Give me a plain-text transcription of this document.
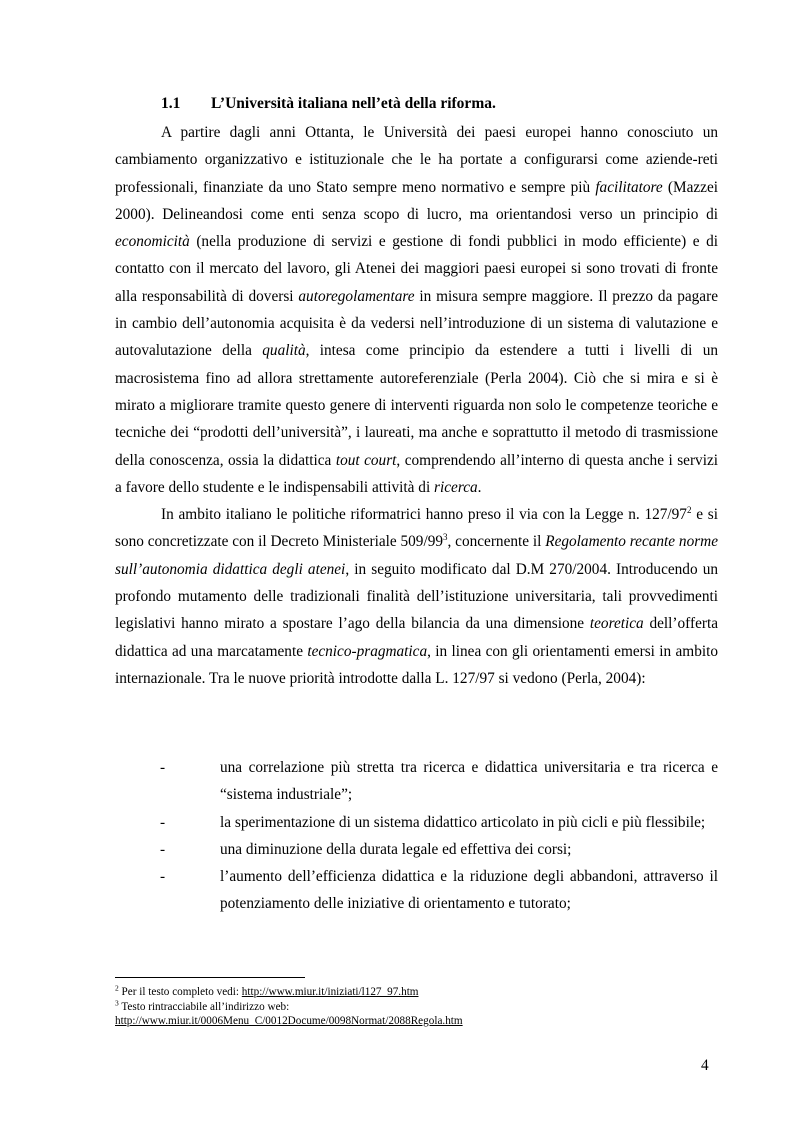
1.1 L’Università italiana nell’età della riforma.

A partire dagli anni Ottanta, le Università dei paesi europei hanno conosciuto un cambiamento organizzativo e istituzionale che le ha portate a configurarsi come aziende-reti professionali, finanziate da uno Stato sempre meno normativo e sempre più facilitatore (Mazzei 2000). Delineandosi come enti senza scopo di lucro, ma orientandosi verso un principio di economicità (nella produzione di servizi e gestione di fondi pubblici in modo efficiente) e di contatto con il mercato del lavoro, gli Atenei dei maggiori paesi europei si sono trovati di fronte alla responsabilità di doversi autoregolamentare in misura sempre maggiore. Il prezzo da pagare in cambio dell’autonomia acquisita è da vedersi nell’introduzione di un sistema di valutazione e autovalutazione della qualità, intesa come principio da estendere a tutti i livelli di un macrosistema fino ad allora strettamente autoreferenziale (Perla 2004). Ciò che si mira e si è mirato a migliorare tramite questo genere di interventi riguarda non solo le competenze teoriche e tecniche dei “prodotti dell’università”, i laureati, ma anche e soprattutto il metodo di trasmissione della conoscenza, ossia la didattica tout court, comprendendo all’interno di questa anche i servizi a favore dello studente e le indispensabili attività di ricerca.

In ambito italiano le politiche riformatrici hanno preso il via con la Legge n. $127/97^2$ e si sono concretizzate con il Decreto Ministeriale $509/99^3$, concernente il Regolamento recante norme sull’autonomia didattica degli atenei, in seguito modificato dal D.M 270/2004. Introducendo un profondo mutamento delle tradizionali finalità dell’istituzione universitaria, tali provvedimenti legislativi hanno mirato a spostare l’ago della bilancia da una dimensione teoretica dell’offerta didattica ad una marcatamente tecnico-pragmatica, in linea con gli orientamenti emersi in ambito internazionale. Tra le nuove priorità introdotte dalla L. 127/97 si vedono (Perla, 2004):

-	una correlazione più stretta tra ricerca e didattica universitaria e tra ricerca e “sistema industriale”;
-	la sperimentazione di un sistema didattico articolato in più cicli e più flessibile;
-	una diminuzione della durata legale ed effettiva dei corsi;
-	l’aumento dell’efficienza didattica e la riduzione degli abbandoni, attraverso il potenziamento delle iniziative di orientamento e tutorato;
$^2$ Per il testo completo vedi: http://www.miur.it/iniziati/l127_97.htm
$^3$ Testo rintracciabile all’indirizzo web:
http://www.miur.it/0006Menu_C/0012Docume/0098Normat/2088Regola.htm
4
